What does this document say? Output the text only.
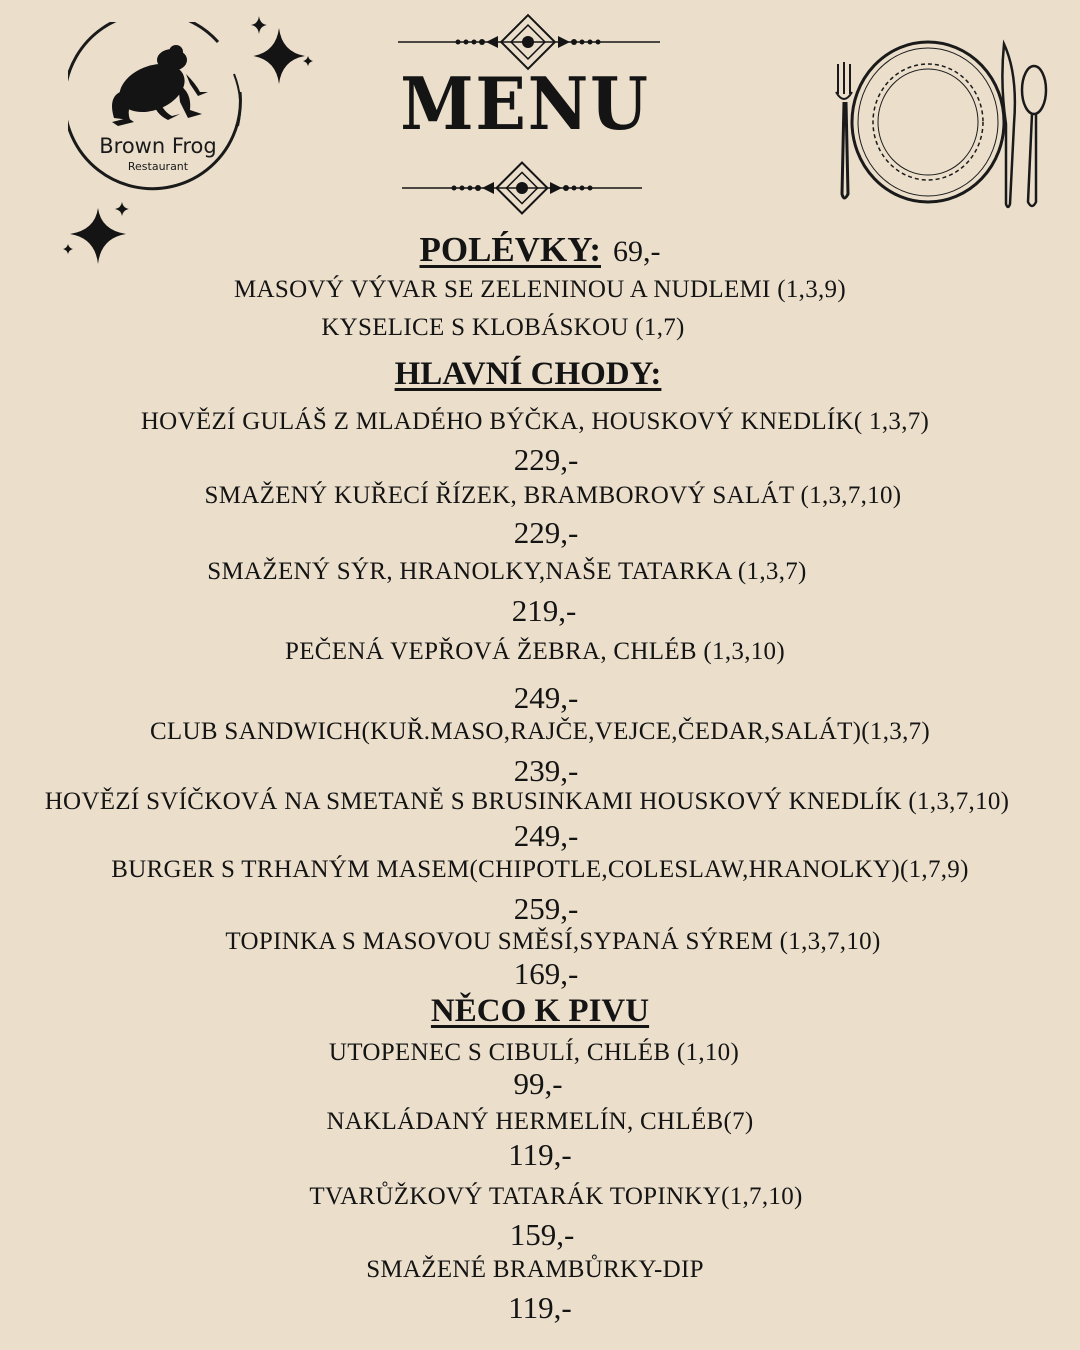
Brown Frog
Restaurant
MENU
POLÉVKY: 69,-
MASOVÝ VÝVAR SE ZELENINOU A NUDLEMI (1,3,9)
KYSELICE S KLOBÁSKOU (1,7)
HLAVNÍ CHODY:
HOVĚZÍ GULÁŠ Z MLADÉHO BÝČKA, HOUSKOVÝ KNEDLÍK( 1,3,7)
229,-
SMAŽENÝ KUŘECÍ ŘÍZEK, BRAMBOROVÝ SALÁT (1,3,7,10)
229,-
SMAŽENÝ SÝR, HRANOLKY,NAŠE TATARKA (1,3,7)
219,-
PEČENÁ VEPŘOVÁ ŽEBRA, CHLÉB (1,3,10)
249,-
CLUB SANDWICH(KUŘ.MASO,RAJČE,VEJCE,ČEDAR,SALÁT)(1,3,7)
239,-
HOVĚZÍ SVÍČKOVÁ NA SMETANĚ S BRUSINKAMI HOUSKOVÝ KNEDLÍK (1,3,7,10)
249,-
BURGER S TRHANÝM MASEM(CHIPOTLE,COLESLAW,HRANOLKY)(1,7,9)
259,-
TOPINKA S MASOVOU SMĚSÍ,SYPANÁ SÝREM (1,3,7,10)
169,-
NĚCO K PIVU
UTOPENEC S CIBULÍ, CHLÉB (1,10)
99,-
NAKLÁDANÝ HERMELÍN, CHLÉB(7)
119,-
TVARŮŽKOVÝ TATARÁK TOPINKY(1,7,10)
159,-
SMAŽENÉ BRAMBŮRKY-DIP
119,-
